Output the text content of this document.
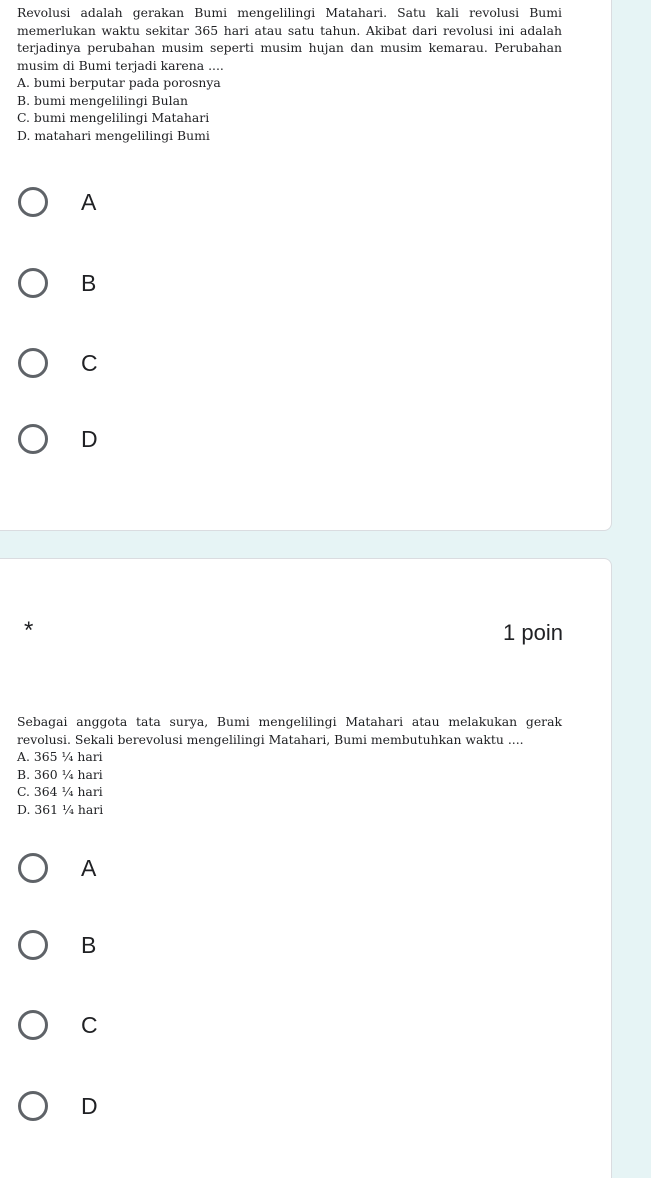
Revolusi adalah gerakan Bumi mengelilingi Matahari. Satu kali revolusi Bumi memerlukan waktu sekitar 365 hari atau satu tahun. Akibat dari revolusi ini adalah terjadinya perubahan musim seperti musim hujan dan musim kemarau. Perubahan musim di Bumi terjadi karena ....
A. bumi berputar pada porosnya
B. bumi mengelilingi Bulan
C. bumi mengelilingi Matahari
D. matahari mengelilingi Bumi
A
B
C
D
*	1 poin
Sebagai anggota tata surya, Bumi mengelilingi Matahari atau melakukan gerak revolusi. Sekali berevolusi mengelilingi Matahari, Bumi membutuhkan waktu ....
A. 365 ¼ hari
B. 360 ¼ hari
C. 364 ¼ hari
D. 361 ¼ hari
A
B
C
D
